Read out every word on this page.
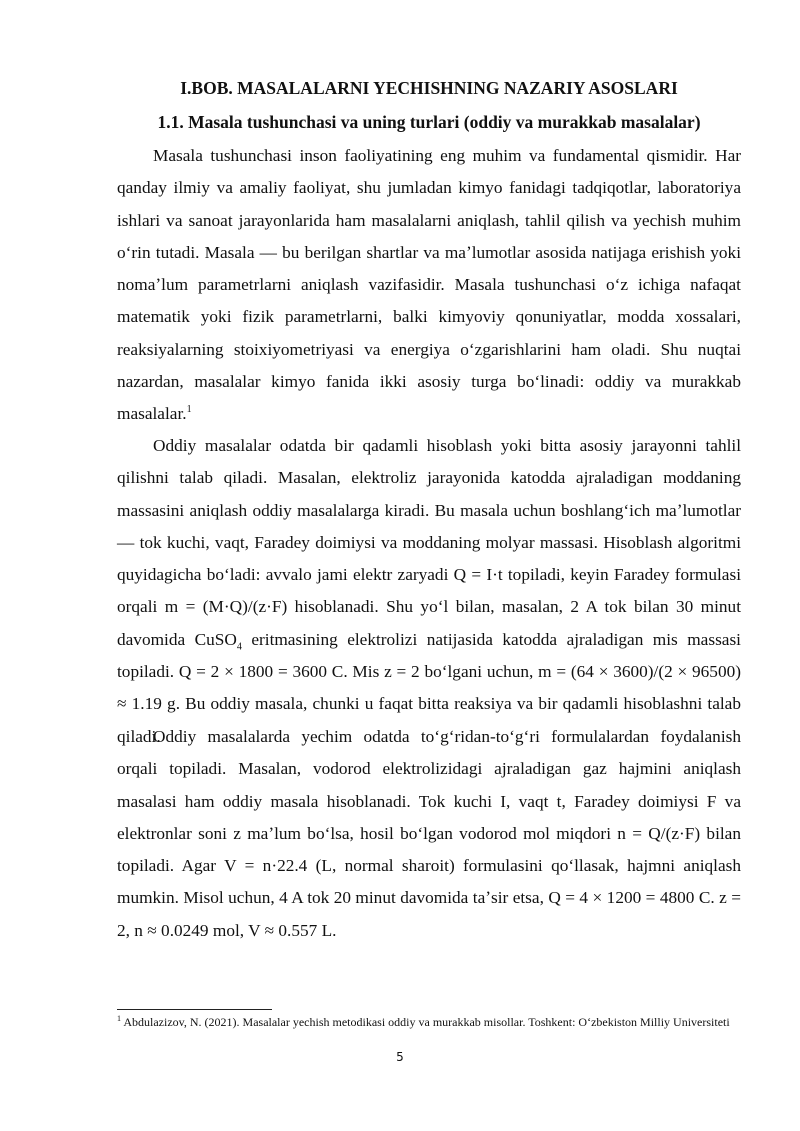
I.BOB. MASALALARNI YECHISHNING NAZARIY ASOSLARI
1.1. Masala tushunchasi va uning turlari (oddiy va murakkab masalalar)

Masala tushunchasi inson faoliyatining eng muhim va fundamental qismidir. Har qanday ilmiy va amaliy faoliyat, shu jumladan kimyo fanidagi tadqiqotlar, laboratoriya ishlari va sanoat jarayonlarida ham masalalarni aniqlash, tahlil qilish va yechish muhim oʻrin tutadi. Masala — bu berilgan shartlar va maʼlumotlar asosida natijaga erishish yoki nomaʼlum parametrlarni aniqlash vazifasidir. Masala tushunchasi oʻz ichiga nafaqat matematik yoki fizik parametrlarni, balki kimyoviy qonuniyatlar, modda xossalari, reaksiyalarning stoixiyometriyasi va energiya oʻzgarishlarini ham oladi. Shu nuqtai nazardan, masalalar kimyo fanida ikki asosiy turga boʻlinadi: oddiy va murakkab masalalar.$^1$

Oddiy masalalar odatda bir qadamli hisoblash yoki bitta asosiy jarayonni tahlil qilishni talab qiladi. Masalan, elektroliz jarayonida katodda ajraladigan moddaning massasini aniqlash oddiy masalalarga kiradi. Bu masala uchun boshlangʻich maʼlumotlar — tok kuchi, vaqt, Faradey doimiysi va moddaning molyar massasi. Hisoblash algoritmi quyidagicha boʻladi: avvalo jami elektr zaryadi Q = I·t topiladi, keyin Faradey formulasi orqali m = (M·Q)/(z·F) hisoblanadi. Shu yoʻl bilan, masalan, 2 A tok bilan 30 minut davomida CuSO$_4$ eritmasining elektrolizi natijasida katodda ajraladigan mis massasi topiladi. Q = 2 × 1800 = 3600 C. Mis z = 2 boʻlgani uchun, m = (64 × 3600)/(2 × 96500) ≈ 1.19 g. Bu oddiy masala, chunki u faqat bitta reaksiya va bir qadamli hisoblashni talab qiladi.

Oddiy masalalarda yechim odatda toʻgʻridan-toʻgʻri formulalardan foydalanish orqali topiladi. Masalan, vodorod elektrolizidagi ajraladigan gaz hajmini aniqlash masalasi ham oddiy masala hisoblanadi. Tok kuchi I, vaqt t, Faradey doimiysi F va elektronlar soni z maʼlum boʻlsa, hosil boʻlgan vodorod mol miqdori n = Q/(z·F) bilan topiladi. Agar V = n·22.4 (L, normal sharoit) formulasini qoʻllasak, hajmni aniqlash mumkin. Misol uchun, 4 A tok 20 minut davomida taʼsir etsa, Q = 4 × 1200 = 4800 C. z = 2, n ≈ 0.0249 mol, V ≈ 0.557 L.

$^1$ Abdulazizov, N. (2021). Masalalar yechish metodikasi oddiy va murakkab misollar. Toshkent: Oʻzbekiston Milliy Universiteti
5
